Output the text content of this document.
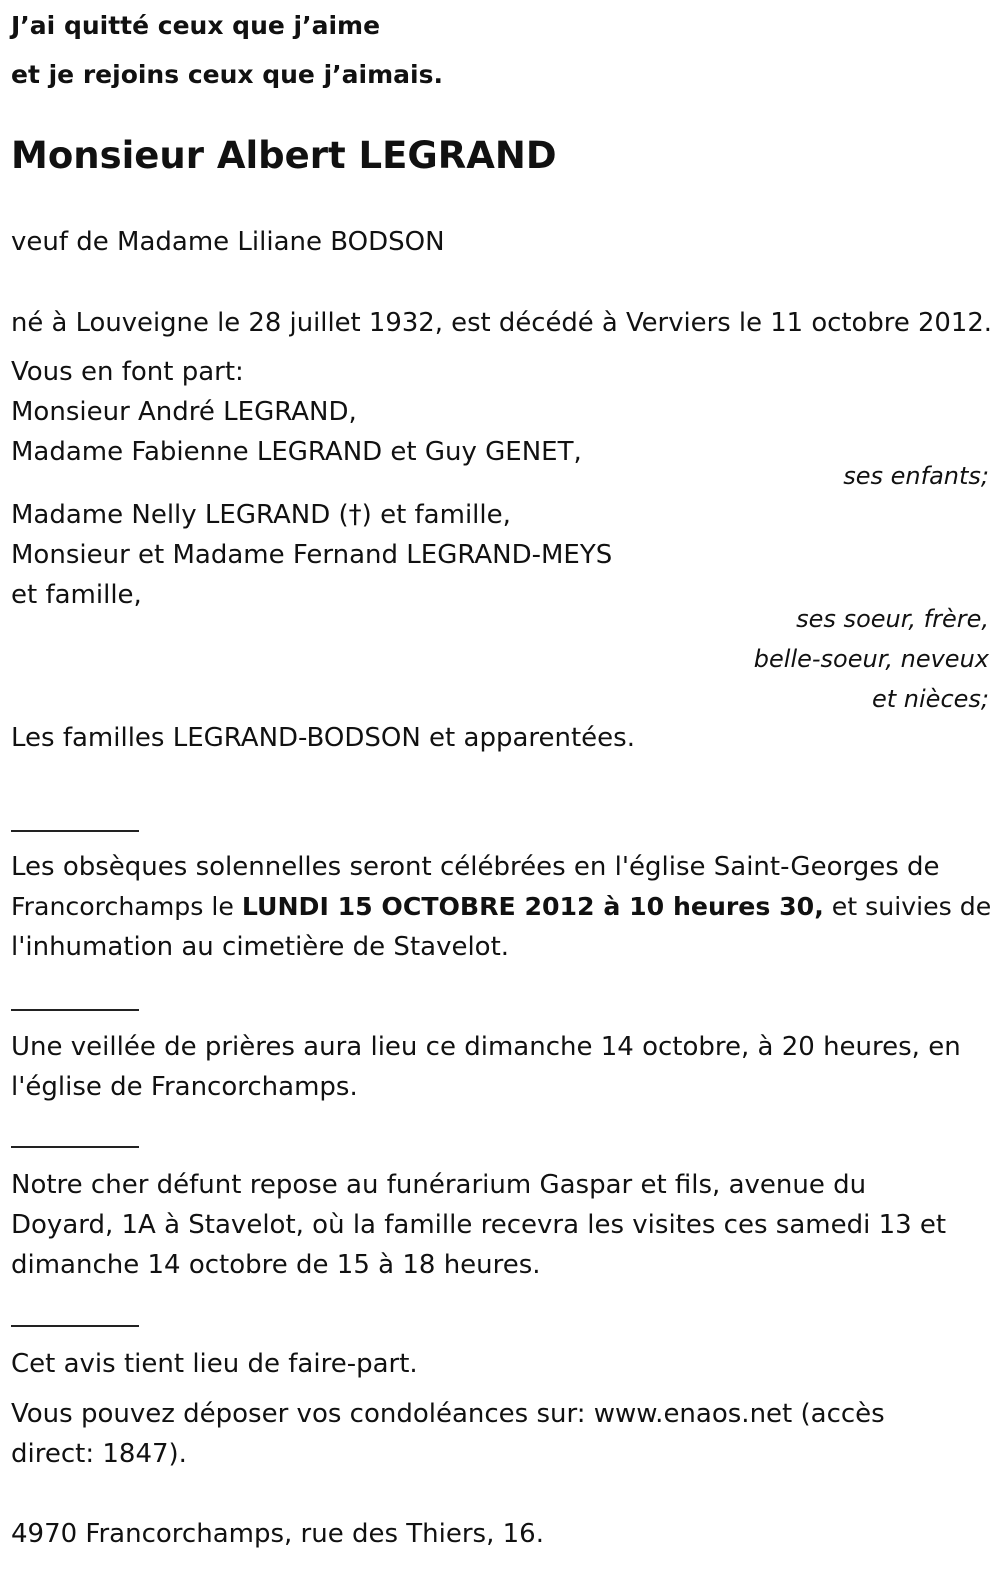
J’ai quitté ceux que j’aime
et je rejoins ceux que j’aimais.
Monsieur Albert LEGRAND
veuf de Madame Liliane BODSON
né à Louveigne le 28 juillet 1932, est décédé à Verviers le 11 octobre 2012.
Vous en font part:
Monsieur André LEGRAND,
Madame Fabienne LEGRAND et Guy GENET,
ses enfants;
Madame Nelly LEGRAND (†) et famille,
Monsieur et Madame Fernand LEGRAND-MEYS
et famille,
ses soeur, frère,
belle-soeur, neveux
et nièces;
Les familles LEGRAND-BODSON et apparentées.
Les obsèques solennelles seront célébrées en l'église Saint-Georges de
Francorchamps le LUNDI 15 OCTOBRE 2012 à 10 heures 30, et suivies de
l'inhumation au cimetière de Stavelot.
Une veillée de prières aura lieu ce dimanche 14 octobre, à 20 heures, en
l'église de Francorchamps.
Notre cher défunt repose au funérarium Gaspar et fils, avenue du
Doyard, 1A à Stavelot, où la famille recevra les visites ces samedi 13 et
dimanche 14 octobre de 15 à 18 heures.
Cet avis tient lieu de faire-part.
Vous pouvez déposer vos condoléances sur: www.enaos.net (accès
direct: 1847).
4970 Francorchamps, rue des Thiers, 16.
